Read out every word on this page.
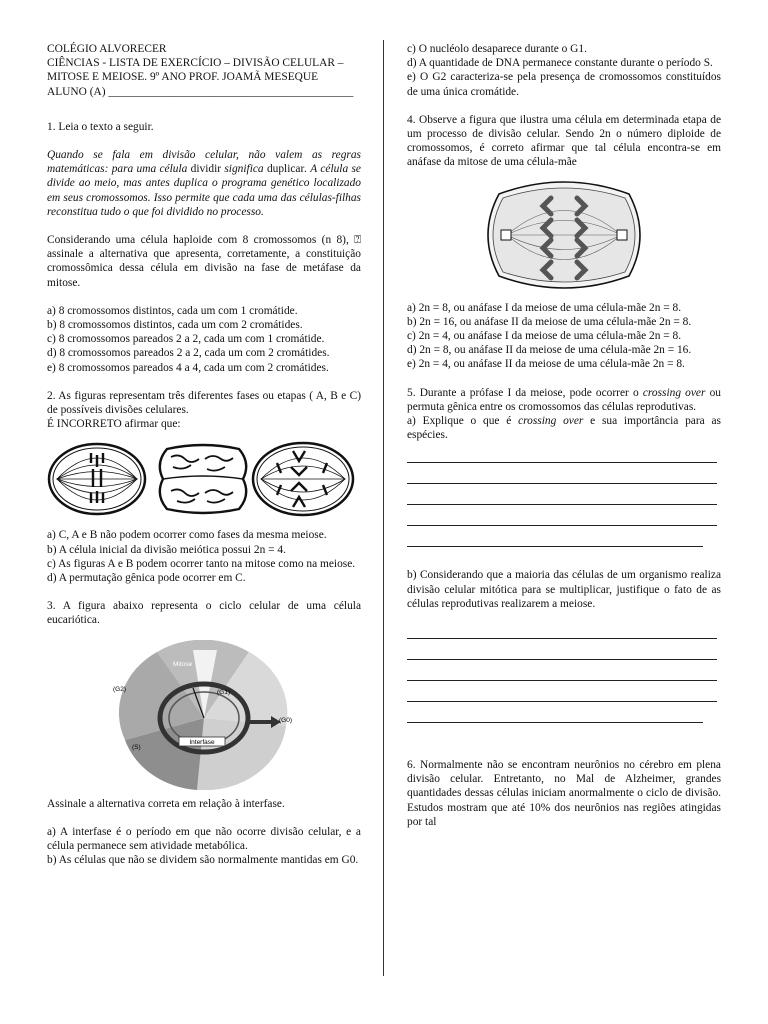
COLÉGIO ALVORECER

CIÊNCIAS - LISTA DE EXERCÍCIO – DIVISÃO CELULAR –

MITOSE E MEIOSE. 9º ANO PROF. JOAMÃ MESEQUE

ALUNO (A) ___________________________________________

1. Leia o texto a seguir.

Quando se fala em divisão celular, não valem as regras matemáticas: para uma célula dividir significa duplicar. A célula se divide ao meio, mas antes duplica o programa genético localizado em seus cromossomos. Isso permite que cada uma das células-filhas reconstitua tudo o que foi dividido no processo.

Considerando uma célula haploide com 8 cromossomos (n 8), ⍰ assinale a alternativa que apresenta, corretamente, a constituição cromossômica dessa célula em divisão na fase de metáfase da mitose.

a) 8 cromossomos distintos, cada um com 1 cromátide.

b) 8 cromossomos distintos, cada um com 2 cromátides.

c) 8 cromossomos pareados 2 a 2, cada um com 1 cromátide.

d) 8 cromossomos pareados 2 a 2, cada um com 2 cromátides.

e) 8 cromossomos pareados 4 a 4, cada um com 2 cromátides.

2. As figuras representam três diferentes fases ou etapas ( A, B e C) de possíveis divisões celulares.

É INCORRETO afirmar que:

a) C, A e B não podem ocorrer como fases da mesma meiose.

b) A célula inicial da divisão meiótica possui 2n = 4.

c) As figuras A e B podem ocorrer tanto na mitose como na meiose.

d) A permutação gênica pode ocorrer em C.

3. A figura abaixo representa o ciclo celular de uma célula eucariótica.

Interfase
Mitose
(G1)
(G2)
(G0)
(S)

Assinale a alternativa correta em relação à interfase.

a) A interfase é o período em que não ocorre divisão celular, e a célula permanece sem atividade metabólica.

b) As células que não se dividem são normalmente mantidas em G0.

c) O nucléolo desaparece durante o G1.

d) A quantidade de DNA permanece constante durante o período S.

e) O G2 caracteriza-se pela presença de cromossomos constituídos de uma única cromátide.

4. Observe a figura que ilustra uma célula em determinada etapa de um processo de divisão celular. Sendo 2n o número diploide de cromossomos, é correto afirmar que tal célula encontra-se em anáfase da mitose de uma célula-mãe

a) 2n = 8, ou anáfase I da meiose de uma célula-mãe 2n = 8.

b) 2n = 16, ou anáfase II da meiose de uma célula-mãe 2n = 8.

c) 2n = 4, ou anáfase I da meiose de uma célula-mãe 2n = 8.

d) 2n = 8, ou anáfase II da meiose de uma célula-mãe 2n = 16.

e) 2n = 4, ou anáfase II da meiose de uma célula-mãe 2n = 8.

5. Durante a prófase I da meiose, pode ocorrer o crossing over ou permuta gênica entre os cromossomos das células reprodutivas.

a) Explique o que é crossing over e sua importância para as espécies.

b) Considerando que a maioria das células de um organismo realiza divisão celular mitótica para se multiplicar, justifique o fato de as células reprodutivas realizarem a meiose.

6. Normalmente não se encontram neurônios no cérebro em plena divisão celular. Entretanto, no Mal de Alzheimer, grandes quantidades dessas células iniciam anormalmente o ciclo de divisão. Estudos mostram que até 10% dos neurônios nas regiões atingidas por tal
